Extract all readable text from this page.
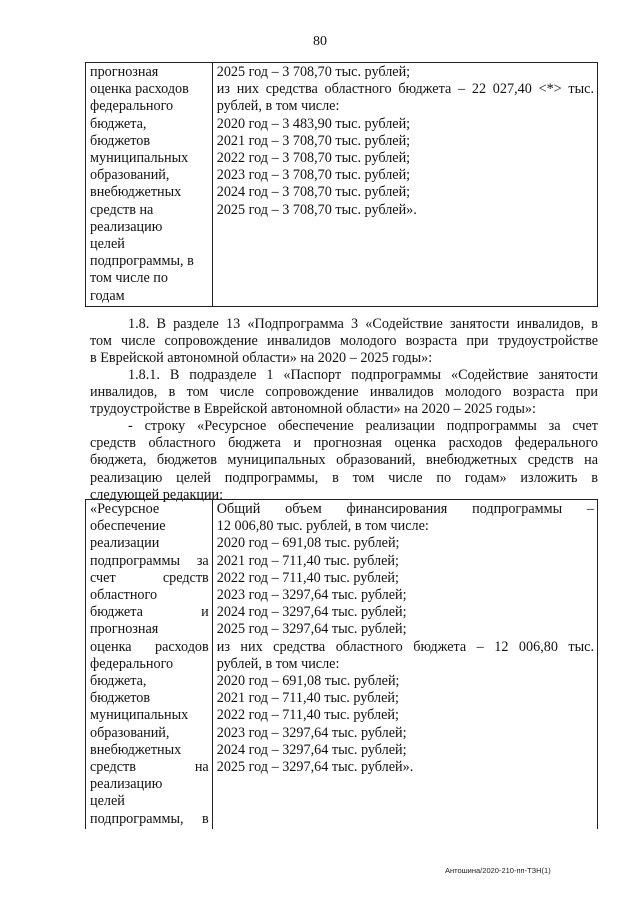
80
прогнозная
оценка расходов
федерального
бюджета,
бюджетов
муниципальных
образований,
внебюджетных
средств на
реализацию
целей
подпрограммы, в
том числе по
годам

2025 год – 3 708,70 тыс. рублей;
из них средства областного бюджета – 22 027,40 <*> тыс.
рублей, в том числе:
2020 год – 3 483,90 тыс. рублей;
2021 год – 3 708,70 тыс. рублей;
2022 год – 3 708,70 тыс. рублей;
2023 год – 3 708,70 тыс. рублей;
2024 год – 3 708,70 тыс. рублей;
2025 год – 3 708,70 тыс. рублей».
1.8. В разделе 13 «Подпрограмма 3 «Содействие занятости инвалидов, в
том числе сопровождение инвалидов молодого возраста при трудоустройстве
в Еврейской автономной области» на 2020 – 2025 годы»:
1.8.1. В подразделе 1 «Паспорт подпрограммы «Содействие занятости
инвалидов, в том числе сопровождение инвалидов молодого возраста при
трудоустройстве в Еврейской автономной области» на 2020 – 2025 годы»:
- строку «Ресурсное обеспечение реализации подпрограммы за счет
средств областного бюджета и прогнозная оценка расходов федерального
бюджета, бюджетов муниципальных образований, внебюджетных средств на
реализацию целей подпрограммы, в том числе по годам» изложить в
следующей редакции:
«Ресурсное
обеспечение
реализации
подпрограммы за
счет средств
областного
бюджета и
прогнозная
оценка расходов
федерального
бюджета,
бюджетов
муниципальных
образований,
внебюджетных
средств на
реализацию
целей
подпрограммы, в

Общий объем финансирования подпрограммы –
12 006,80 тыс. рублей, в том числе:
2020 год – 691,08 тыс. рублей;
2021 год – 711,40 тыс. рублей;
2022 год – 711,40 тыс. рублей;
2023 год – 3297,64 тыс. рублей;
2024 год – 3297,64 тыс. рублей;
2025 год – 3297,64 тыс. рублей;
из них средства областного бюджета – 12 006,80 тыс.
рублей, в том числе:
2020 год – 691,08 тыс. рублей;
2021 год – 711,40 тыс. рублей;
2022 год – 711,40 тыс. рублей;
2023 год – 3297,64 тыс. рублей;
2024 год – 3297,64 тыс. рублей;
2025 год – 3297,64 тыс. рублей».
Антошина/2020-210-пп-ТЗН(1)
